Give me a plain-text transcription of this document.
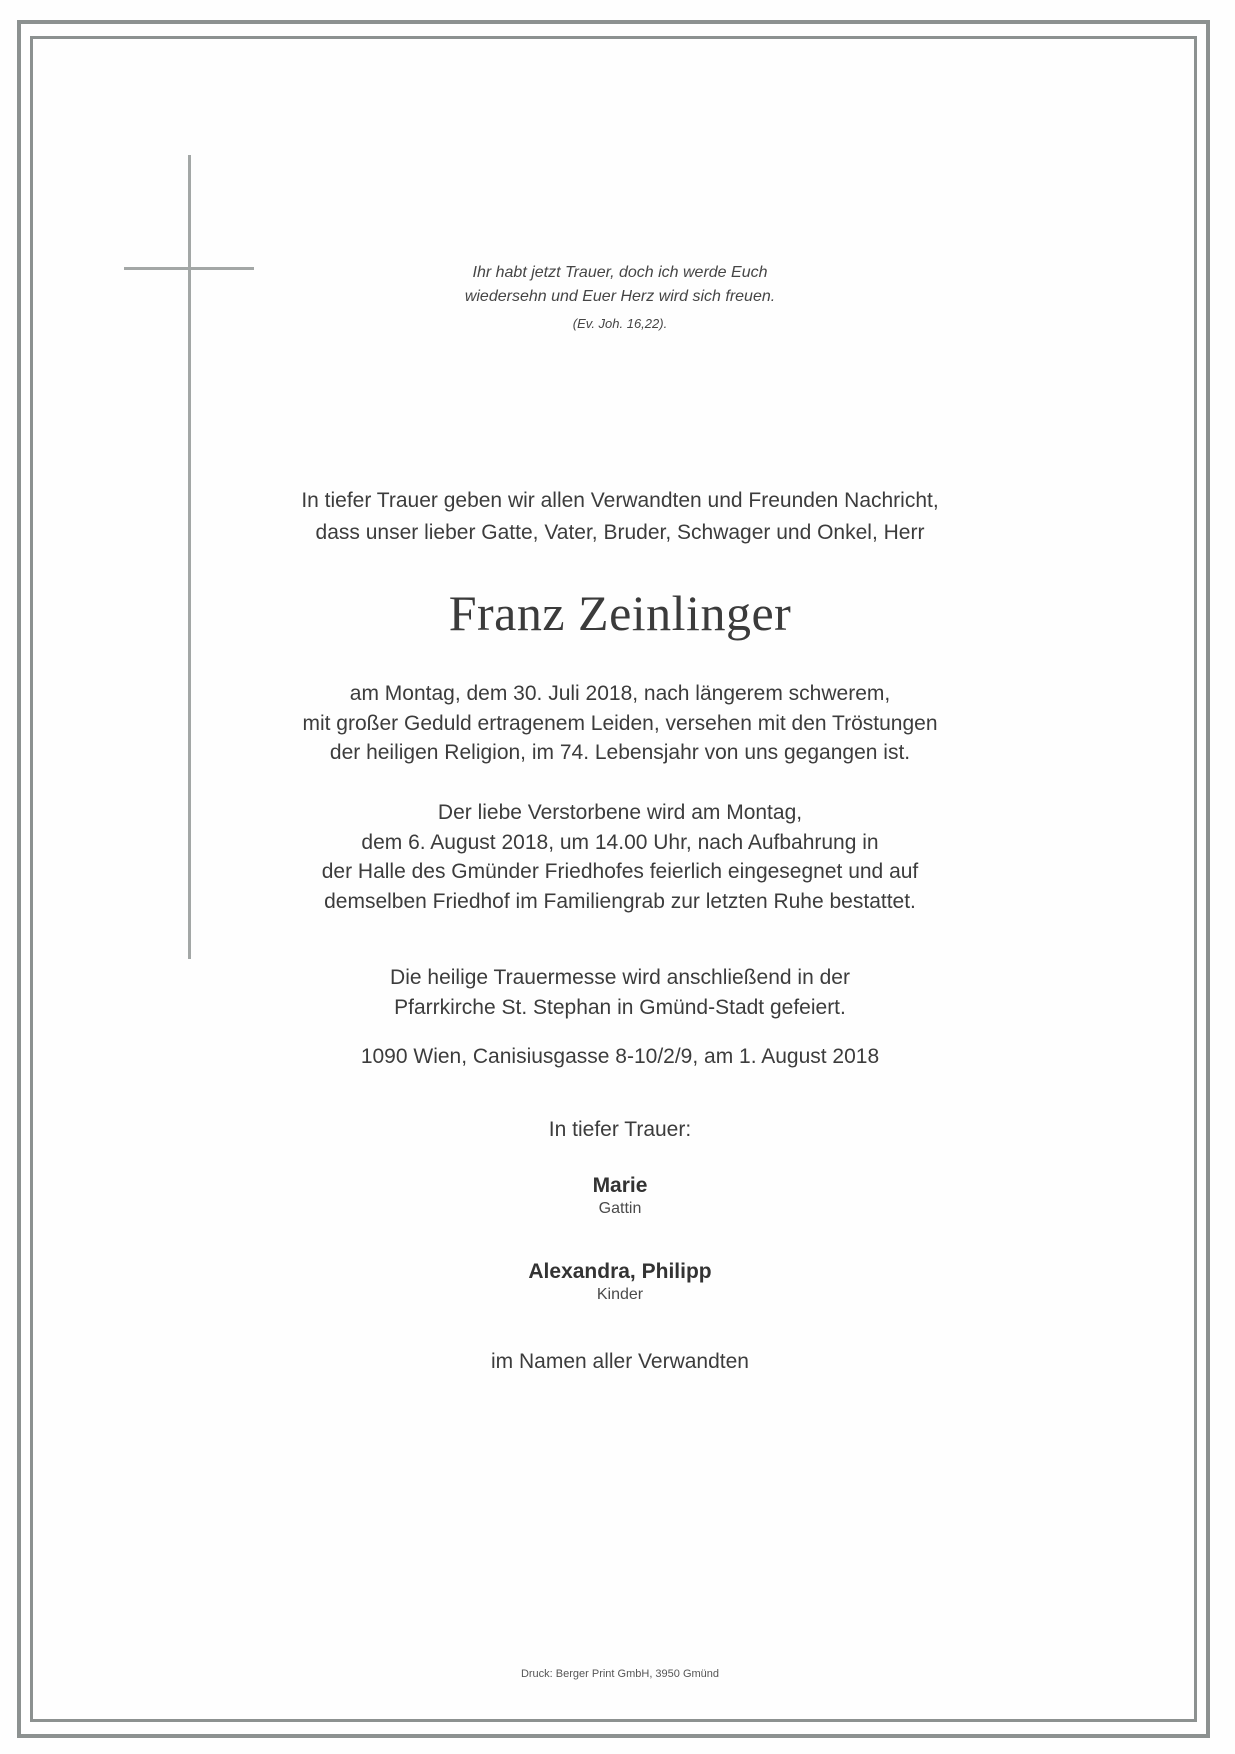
Ihr habt jetzt Trauer, doch ich werde Euch
wiedersehn und Euer Herz wird sich freuen.
(Ev. Joh. 16,22).
In tiefer Trauer geben wir allen Verwandten und Freunden Nachricht,
dass unser lieber Gatte, Vater, Bruder, Schwager und Onkel, Herr
Franz Zeinlinger
am Montag, dem 30. Juli 2018, nach längerem schwerem,
mit großer Geduld ertragenem Leiden, versehen mit den Tröstungen
der heiligen Religion, im 74. Lebensjahr von uns gegangen ist.
Der liebe Verstorbene wird am Montag,
dem 6. August 2018, um 14.00 Uhr, nach Aufbahrung in
der Halle des Gmünder Friedhofes feierlich eingesegnet und auf
demselben Friedhof im Familiengrab zur letzten Ruhe bestattet.
Die heilige Trauermesse wird anschließend in der
Pfarrkirche St. Stephan in Gmünd-Stadt gefeiert.
1090 Wien, Canisiusgasse 8-10/2/9, am 1. August 2018
In tiefer Trauer:
Marie
Gattin
Alexandra, Philipp
Kinder
im Namen aller Verwandten
Druck: Berger Print GmbH, 3950 Gmünd
